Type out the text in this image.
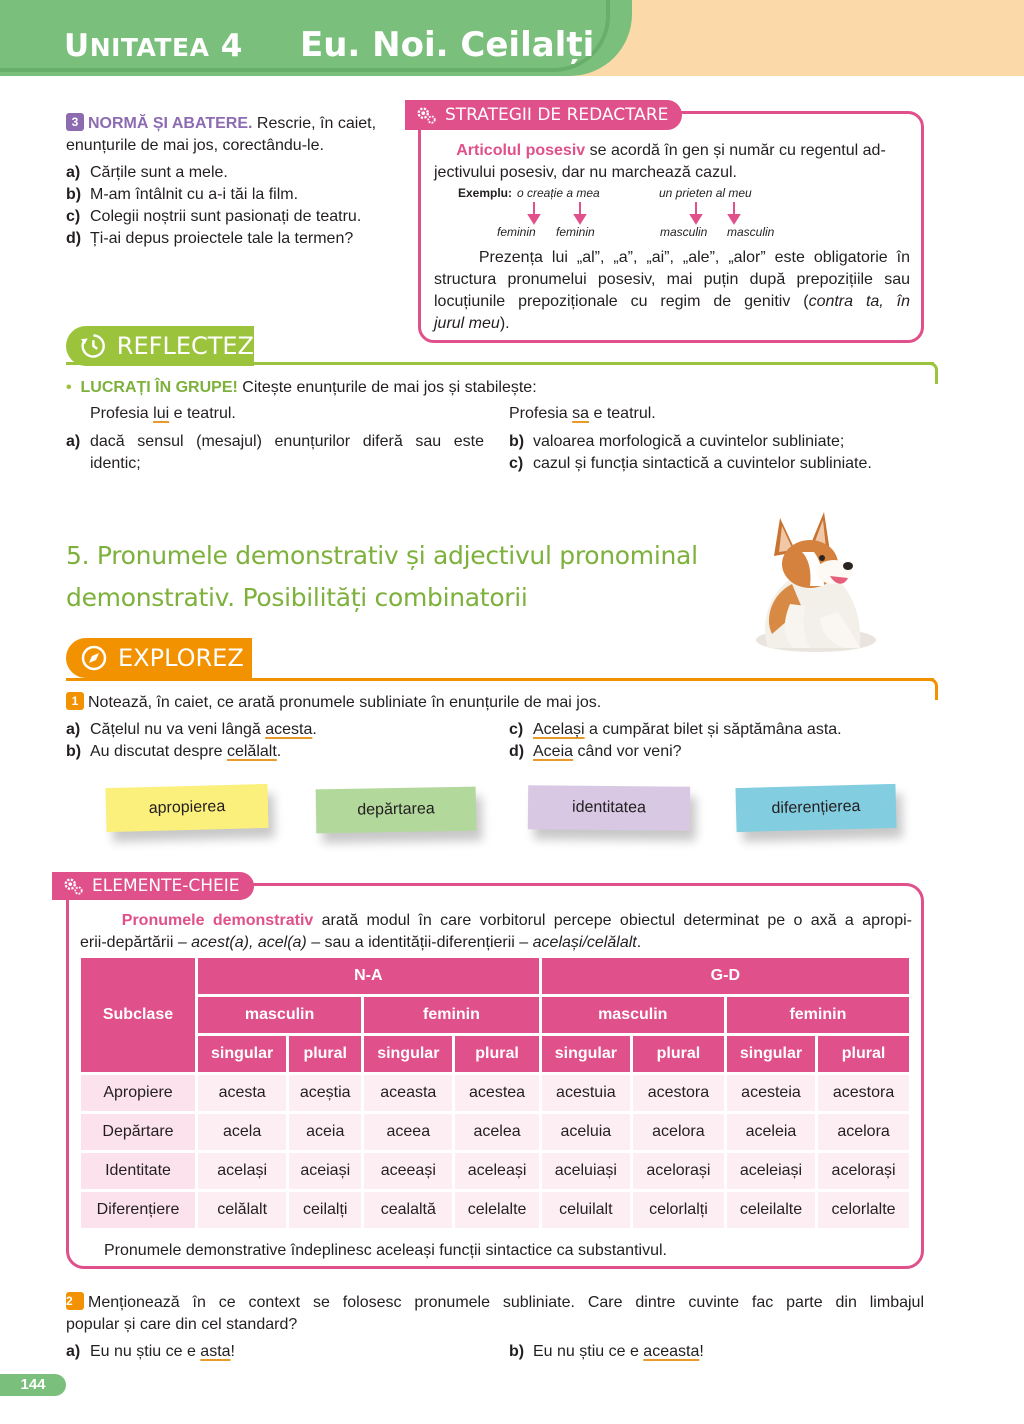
UNITATEA 4 Eu. Noi. Ceilalți
3 NORMĂ ȘI ABATERE. Rescrie, în caiet,
enunțurile de mai jos, corectându-le.
a) Cărțile sunt a mele.
b) M-am întâlnit cu a-i tăi la film.
c) Colegii noștrii sunt pasionați de teatru.
d) Ți-ai depus proiectele tale la termen?
STRATEGII DE REDACTARE
Articolul posesiv se acordă în gen și număr cu regentul ad-
jectivului posesiv, dar nu marchează cazul.
Exemplu: o creație a mea	un prieten al meu
feminin feminin	masculin masculin
Prezența lui „al”, „a”, „ai”, „ale”, „alor” este obligatorie în
structura pronumelui posesiv, mai puțin după prepozițiile sau
locuțiunile prepoziționale cu regim de genitiv (contra ta, în
jurul meu).
REFLECTEZ
•  LUCRAȚI ÎN GRUPE! Citește enunțurile de mai jos și stabilește:
Profesia lui e teatrul.	Profesia sa e teatrul.
a) dacă sensul (mesajul) enunțurilor diferă sau este
identic;
b) valoarea morfologică a cuvintelor subliniate;
c) cazul și funcția sintactică a cuvintelor subliniate.
5. Pronumele demonstrativ și adjectivul pronominal
demonstrativ. Posibilități combinatorii
EXPLOREZ
1 Notează, în caiet, ce arată pronumele subliniate în enunțurile de mai jos.
a) Cățelul nu va veni lângă acesta.
b) Au discutat despre celălalt.
c) Același a cumpărat bilet și săptămâna asta.
d) Aceia când vor veni?
apropierea	depărtarea	identitatea	diferențierea
ELEMENTE-CHEIE
Pronumele demonstrativ arată modul în care vorbitorul percepe obiectul determinat pe o axă a apropi-
erii-depărtării – acest(a), acel(a) – sau a identității-diferențierii – același/celălalt.
Subclase	N-A				G-D			
	masculin		feminin		masculin		feminin	
	singular	plural	singular	plural	singular	plural	singular	plural
Apropiere	acesta	aceștia	aceasta	acestea	acestuia	acestora	acesteia	acestora
Depărtare	acela	aceia	aceea	acelea	aceluia	acelora	aceleia	acelora
Identitate	același	aceiași	aceeași	aceleași	aceluiași	acelorași	aceleiași	acelorași
Diferențiere	celălalt	ceilalți	cealaltă	celelalte	celuilalt	celorlalți	celeilalte	celorlalte
Pronumele demonstrative îndeplinesc aceleași funcții sintactice ca substantivul.
2 Menționează în ce context se folosesc pronumele subliniate. Care dintre cuvinte fac parte din limbajul
popular și care din cel standard?
a) Eu nu știu ce e asta!	b) Eu nu știu ce e aceasta!
144
